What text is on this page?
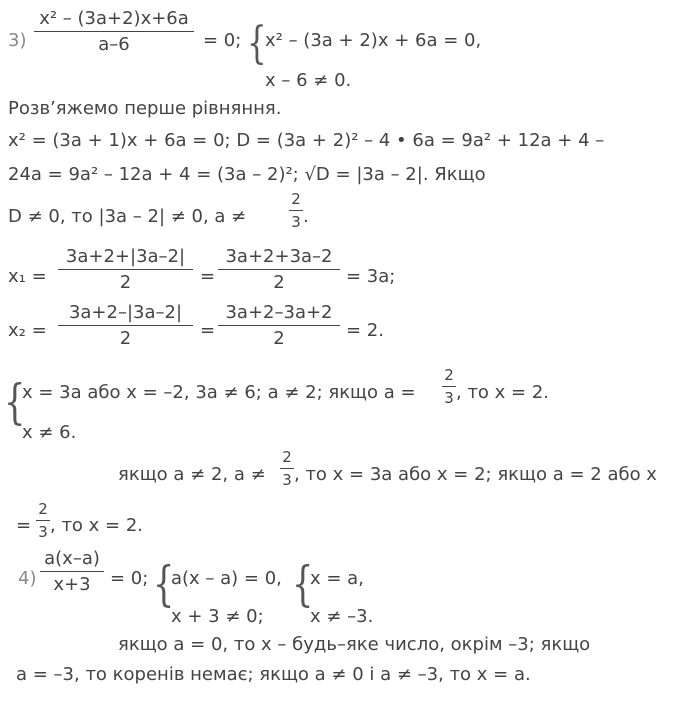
3)
x² – (3a+2)x+6a
a–6	= 0; {
x² – (3a + 2)x + 6a = 0,
x – 6 ≠ 0.
Розв’яжемо перше рівняння.
x² = (3a + 1)x + 6a = 0; D = (3a + 2)² – 4 • 6a = 9a² + 12a + 4 –
24a = 9a² – 12a + 4 = (3a – 2)²; √D = |3a – 2|. Якщо
D ≠ 0, то |3a – 2| ≠ 0, a ≠
2
3 .
x₁ =
3a+2+|3a–2|
2	=
3a+2+3a–2
2	= 3a;
x₂ =
3a+2–|3a–2|
2	=
3a+2–3a+2
2	= 2.
{
x = 3a або x = –2, 3a ≠ 6; a ≠ 2; якщо a =
2
3 , то x = 2.
x ≠ 6.
якщо a ≠ 2, a ≠
2
3 , то x = 3a або x = 2; якщо a = 2 або x
=
2
3 , то x = 2.
4)
a(x–a)
x+3	= 0; {
a(x – a) = 0,
x + 3 ≠ 0;
{
x = a,
x ≠ –3.
якщо a = 0, то x – будь–яке число, окрім –3; якщо
a = –3, то коренів немає; якщо a ≠ 0 і a ≠ –3, то x = a.
